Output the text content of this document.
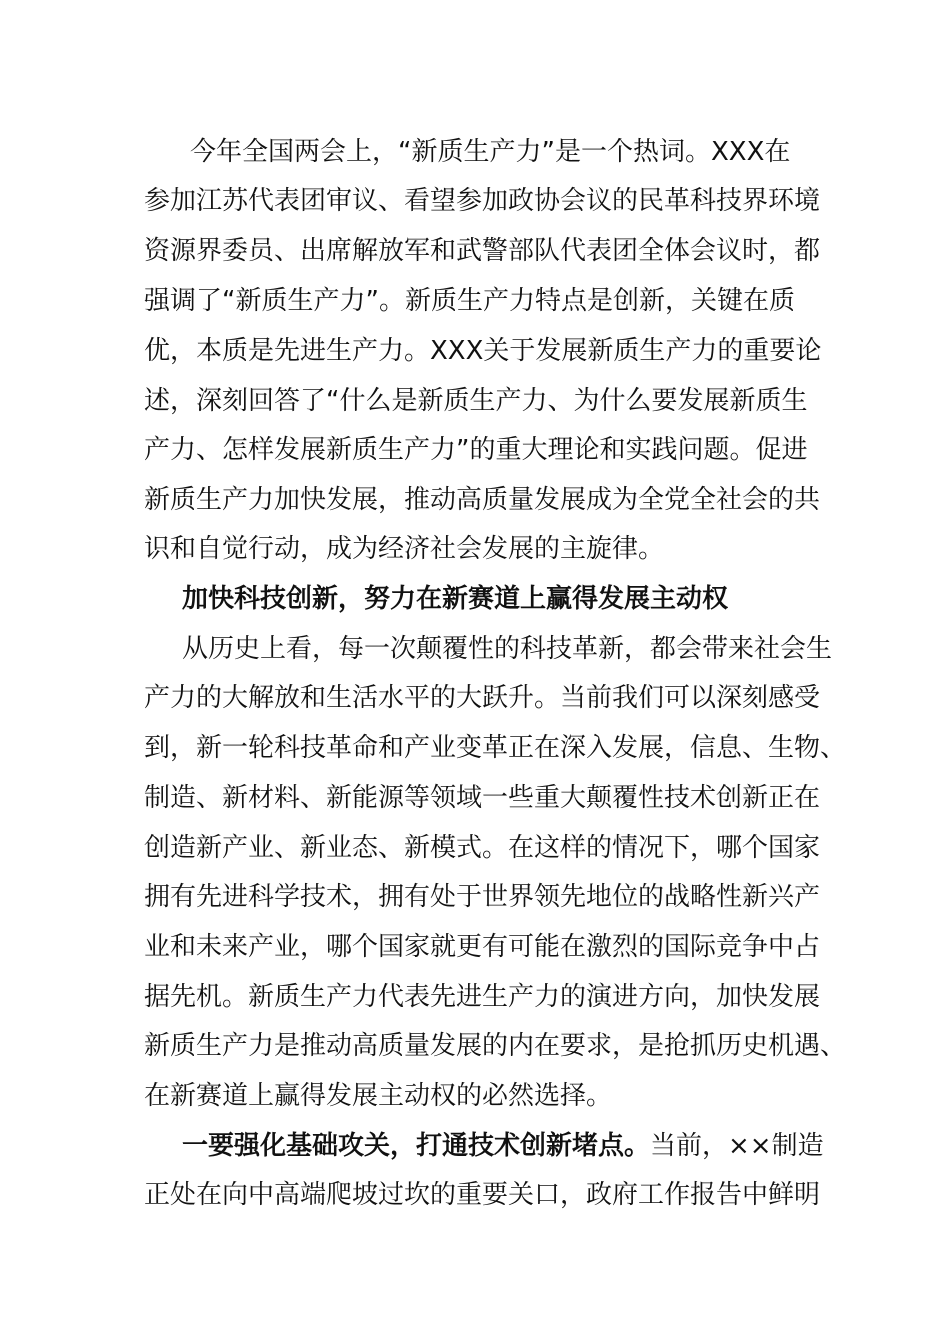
今年全国两会上，“新质生产力”是一个热词。XXX在
参加江苏代表团审议、看望参加政协会议的民革科技界环境
资源界委员、出席解放军和武警部队代表团全体会议时，都
强调了“新质生产力”。新质生产力特点是创新，关键在质
优，本质是先进生产力。XXX关于发展新质生产力的重要论
述，深刻回答了“什么是新质生产力、为什么要发展新质生
产力、怎样发展新质生产力”的重大理论和实践问题。促进
新质生产力加快发展，推动高质量发展成为全党全社会的共
识和自觉行动，成为经济社会发展的主旋律。
加快科技创新，努力在新赛道上赢得发展主动权
从历史上看，每一次颠覆性的科技革新，都会带来社会生
产力的大解放和生活水平的大跃升。当前我们可以深刻感受
到，新一轮科技革命和产业变革正在深入发展，信息、生物、
制造、新材料、新能源等领域一些重大颠覆性技术创新正在
创造新产业、新业态、新模式。在这样的情况下，哪个国家
拥有先进科学技术，拥有处于世界领先地位的战略性新兴产
业和未来产业，哪个国家就更有可能在激烈的国际竞争中占
据先机。新质生产力代表先进生产力的演进方向，加快发展
新质生产力是推动高质量发展的内在要求，是抢抓历史机遇、
在新赛道上赢得发展主动权的必然选择。
一要强化基础攻关，打通技术创新堵点。当前，××制造
正处在向中高端爬坡过坎的重要关口，政府工作报告中鲜明
